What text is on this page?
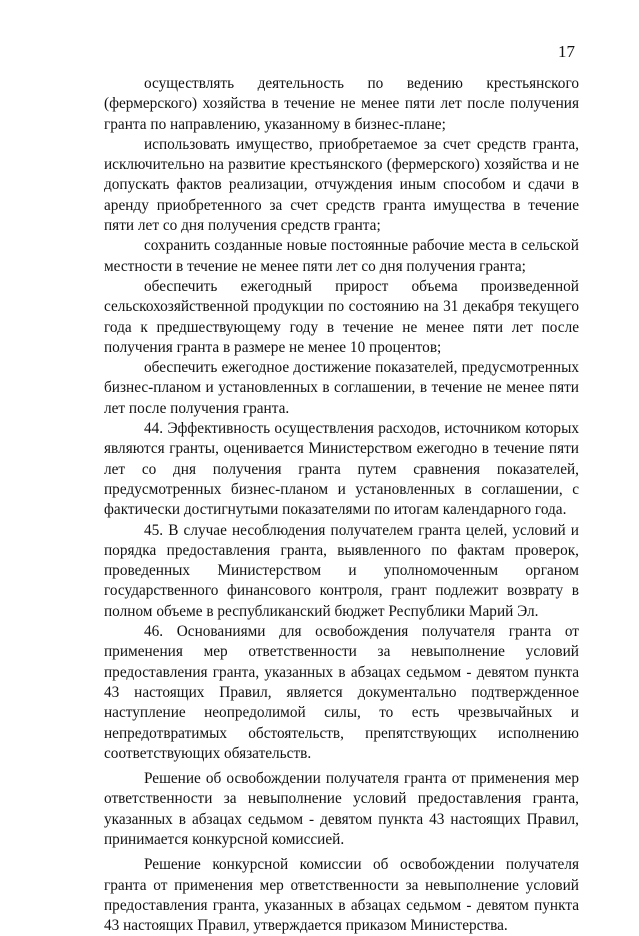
17

осуществлять деятельность по ведению крестьянского (фермерского) хозяйства в течение не менее пяти лет после получения гранта по направлению, указанному в бизнес-плане;

использовать имущество, приобретаемое за счет средств гранта, исключительно на развитие крестьянского (фермерского) хозяйства и не допускать фактов реализации, отчуждения иным способом и сдачи в аренду приобретенного за счет средств гранта имущества в течение пяти лет со дня получения средств гранта;

сохранить созданные новые постоянные рабочие места в сельской местности в течение не менее пяти лет со дня получения гранта;

обеспечить ежегодный прирост объема произведенной сельскохозяйственной продукции по состоянию на 31 декабря текущего года к предшествующему году в течение не менее пяти лет после получения гранта в размере не менее 10 процентов;

обеспечить ежегодное достижение показателей, предусмотренных бизнес-планом и установленных в соглашении, в течение не менее пяти лет после получения гранта.

44. Эффективность осуществления расходов, источником которых являются гранты, оценивается Министерством ежегодно в течение пяти лет со дня получения гранта путем сравнения показателей, предусмотренных бизнес-планом и установленных в соглашении, с фактически достигнутыми показателями по итогам календарного года.

45. В случае несоблюдения получателем гранта целей, условий и порядка предоставления гранта, выявленного по фактам проверок, проведенных Министерством и уполномоченным органом государственного финансового контроля, грант подлежит возврату в полном объеме в республиканский бюджет Республики Марий Эл.

46. Основаниями для освобождения получателя гранта от применения мер ответственности за невыполнение условий предоставления гранта, указанных в абзацах седьмом - девятом пункта 43 настоящих Правил, является документально подтвержденное наступление неопредолимой силы, то есть чрезвычайных и непредотвратимых обстоятельств, препятствующих исполнению соответствующих обязательств.

Решение об освобождении получателя гранта от применения мер ответственности за невыполнение условий предоставления гранта, указанных в абзацах седьмом - девятом пункта 43 настоящих Правил, принимается конкурсной комиссией.

Решение конкурсной комиссии об освобождении получателя гранта от применения мер ответственности за невыполнение условий предоставления гранта, указанных в абзацах седьмом - девятом пункта 43 настоящих Правил, утверждается приказом Министерства.
